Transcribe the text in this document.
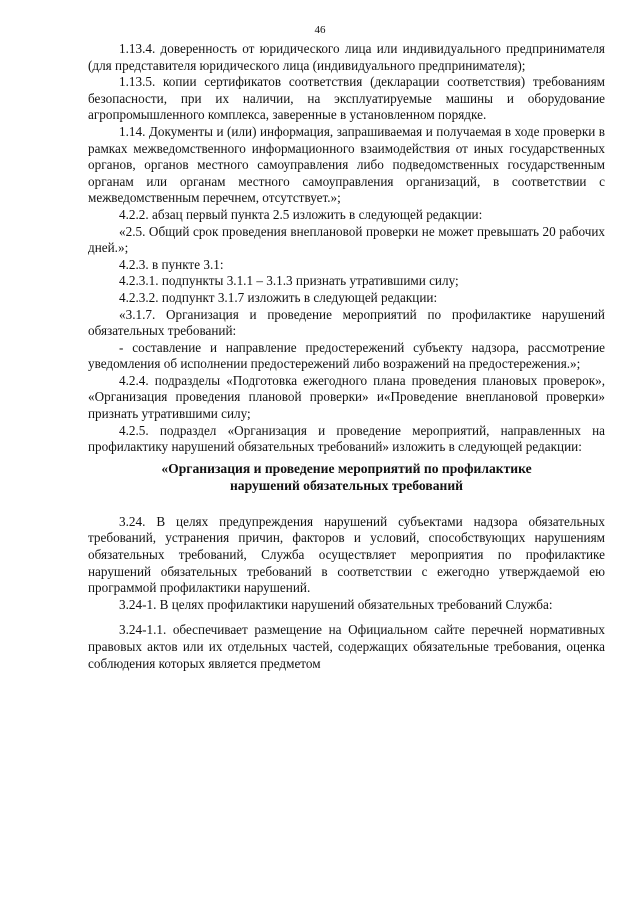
46

1.13.4. доверенность от юридического лица или индивидуального предпринимателя (для представителя юридического лица (индивидуального предпринимателя);

1.13.5. копии сертификатов соответствия (декларации соответствия) требованиям безопасности, при их наличии, на эксплуатируемые машины и оборудование агропромышленного комплекса, заверенные в установленном порядке.

1.14. Документы и (или) информация, запрашиваемая и получаемая в ходе проверки в рамках межведомственного информационного взаимодействия от иных государственных органов, органов местного самоуправления либо подведомственных государственным органам или органам местного самоуправления организаций, в соответствии с межведомственным перечнем, отсутствует.»;

4.2.2. абзац первый пункта 2.5 изложить в следующей редакции:

«2.5. Общий срок проведения внеплановой проверки не может превышать 20 рабочих дней.»;

4.2.3. в пункте 3.1:

4.2.3.1. подпункты 3.1.1 – 3.1.3 признать утратившими силу;

4.2.3.2. подпункт 3.1.7 изложить в следующей редакции:

«3.1.7. Организация и проведение мероприятий по профилактике нарушений обязательных требований:

- составление и направление предостережений субъекту надзора, рассмотрение уведомления об исполнении предостережений либо возражений на предостережения.»;

4.2.4. подразделы «Подготовка ежегодного плана проведения плановых проверок», «Организация проведения плановой проверки» и«Проведение внеплановой проверки» признать утратившими силу;

4.2.5. подраздел «Организация и проведение мероприятий, направленных на профилактику нарушений обязательных требований» изложить в следующей редакции:

«Организация и проведение мероприятий по профилактике
нарушений обязательных требований

3.24. В целях предупреждения нарушений субъектами надзора обязательных требований, устранения причин, факторов и условий, способствующих нарушениям обязательных требований, Служба осуществляет мероприятия по профилактике нарушений обязательных требований в соответствии с ежегодно утверждаемой ею программой профилактики нарушений.

3.24-1. В целях профилактики нарушений обязательных требований Служба:

3.24-1.1. обеспечивает размещение на Официальном сайте перечней нормативных правовых актов или их отдельных частей, содержащих обязательные требования, оценка соблюдения которых является предметом
